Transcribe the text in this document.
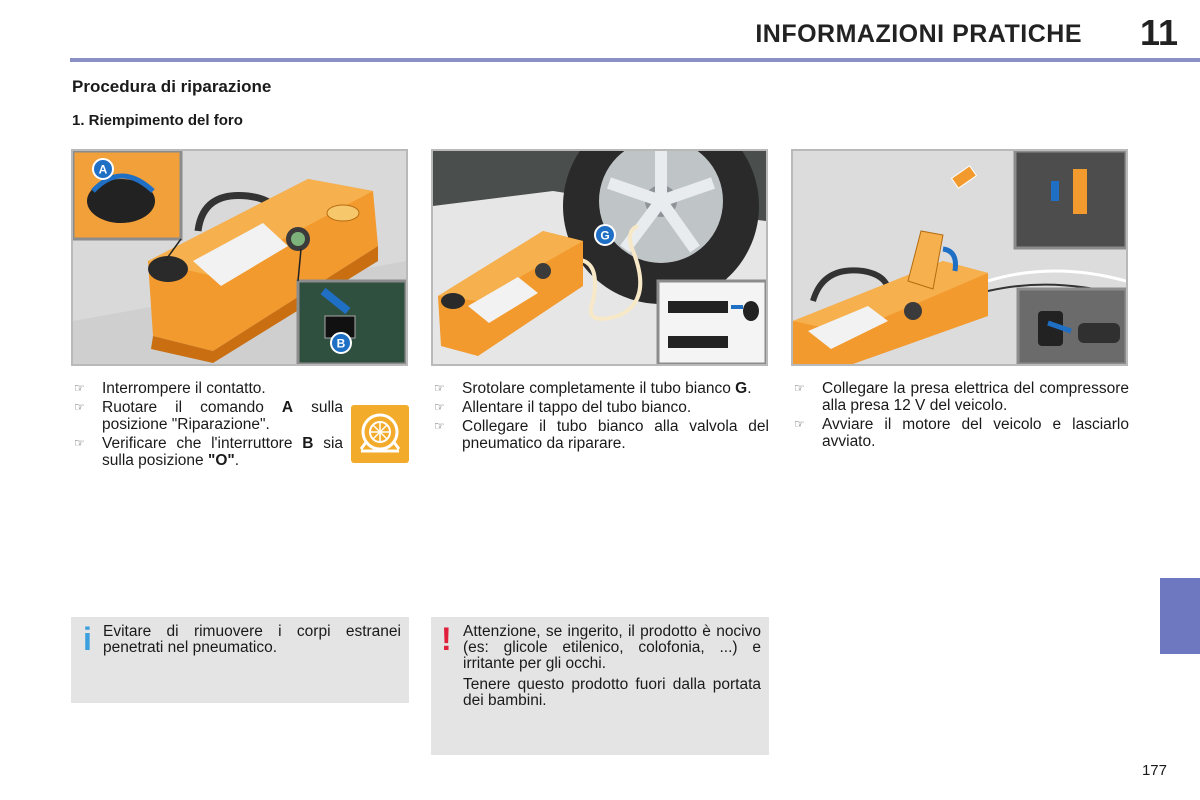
INFORMAZIONI PRATICHE 11
Procedura di riparazione
1. Riempimento del foro
A
B
G
☞ Interrompere il contatto.
☞ Ruotare il comando A sulla posizione "Riparazione".
☞ Verificare che l'interruttore B sia sulla posizione "O".
☞ Srotolare completamente il tubo bianco G.
☞ Allentare il tappo del tubo bianco.
☞ Collegare il tubo bianco alla valvola del pneumatico da riparare.
☞ Collegare la presa elettrica del compressore alla presa 12 V del veicolo.
☞ Avviare il motore del veicolo e lasciarlo avviato.
i Evitare di rimuovere i corpi estranei penetrati nel pneumatico.	! Attenzione, se ingerito, il prodotto è nocivo (es: glicole etilenico, colofonia, ...) e irritante per gli occhi.

Tenere questo prodotto fuori dalla portata dei bambini.

177
